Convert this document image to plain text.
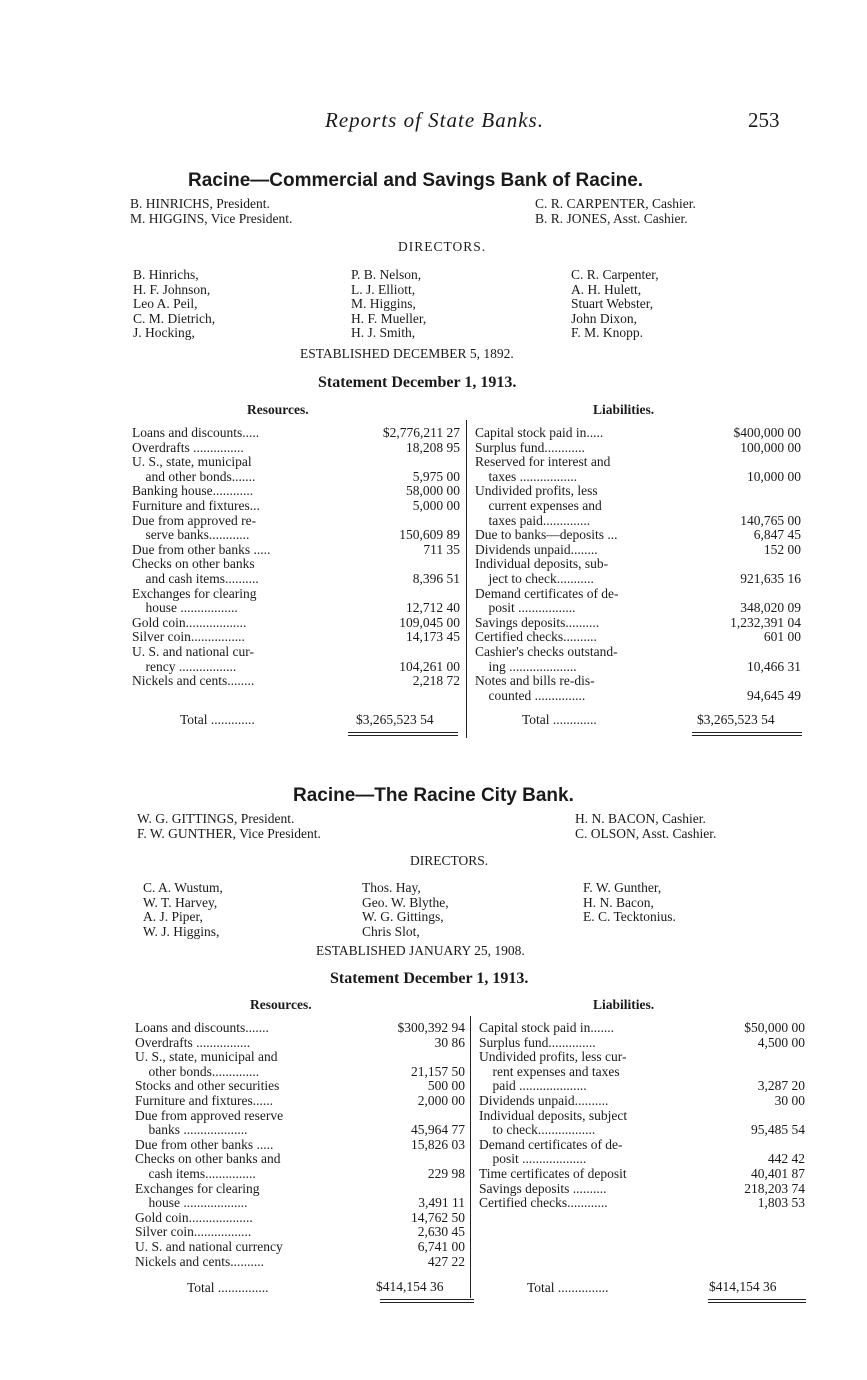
Reports of State Banks.	253
Racine—Commercial and Savings Bank of Racine.
B. HINRICHS, President.
M. HIGGINS, Vice President.
C. R. CARPENTER, Cashier.
B. R. JONES, Asst. Cashier.
DIRECTORS.
B. Hinrichs,
H. F. Johnson,
Leo A. Peil,
C. M. Dietrich,
J. Hocking,
P. B. Nelson,
L. J. Elliott,
M. Higgins,
H. F. Mueller,
H. J. Smith,
C. R. Carpenter,
A. H. Hulett,
Stuart Webster,
John Dixon,
F. M. Knopp.
ESTABLISHED DECEMBER 5, 1892.
Statement December 1, 1913.
Resources.	Liabilities.
Loans and discounts.....	$2,776,211 27
Overdrafts ...............	18,208 95
U. S., state, municipal
and other bonds.......	5,975 00
Banking house............	58,000 00
Furniture and fixtures...	5,000 00
Due from approved re-
serve banks............	150,609 89
Due from other banks .....	711 35
Checks on other banks
and cash items..........	8,396 51
Exchanges for clearing
house .................	12,712 40
Gold coin..................	109,045 00
Silver coin................	14,173 45
U. S. and national cur-
rency .................	104,261 00
Nickels and cents........	2,218 72
Capital stock paid in.....	$400,000 00
Surplus fund............	100,000 00
Reserved for interest and
taxes .................	10,000 00
Undivided profits, less
current expenses and
taxes paid..............	140,765 00
Due to banks—deposits ...	6,847 45
Dividends unpaid........	152 00
Individual deposits, sub-
ject to check...........	921,635 16
Demand certificates of de-
posit .................	348,020 09
Savings deposits..........	1,232,391 04
Certified checks..........	601 00
Cashier's checks outstand-
ing ....................	10,466 31
Notes and bills re-dis-
counted ...............	94,645 49
Total .............	$3,265,523 54	Total .............	$3,265,523 54
Racine—The Racine City Bank.
W. G. GITTINGS, President.
F. W. GUNTHER, Vice President.
H. N. BACON, Cashier.
C. OLSON, Asst. Cashier.
DIRECTORS.
C. A. Wustum,
W. T. Harvey,
A. J. Piper,
W. J. Higgins,
Thos. Hay,
Geo. W. Blythe,
W. G. Gittings,
Chris Slot,
F. W. Gunther,
H. N. Bacon,
E. C. Tecktonius.
ESTABLISHED JANUARY 25, 1908.
Statement December 1, 1913.
Resources.	Liabilities.
Loans and discounts.......	$300,392 94
Overdrafts ................	30 86
U. S., state, municipal and
other bonds..............	21,157 50
Stocks and other securities	500 00
Furniture and fixtures......	2,000 00
Due from approved reserve
banks ...................	45,964 77
Due from other banks .....	15,826 03
Checks on other banks and
cash items...............	229 98
Exchanges for clearing
house ...................	3,491 11
Gold coin...................	14,762 50
Silver coin.................	2,630 45
U. S. and national currency	6,741 00
Nickels and cents..........	427 22
Capital stock paid in.......	$50,000 00
Surplus fund..............	4,500 00
Undivided profits, less cur-
rent expenses and taxes
paid ....................	3,287 20
Dividends unpaid..........	30 00
Individual deposits, subject
to check.................	95,485 54
Demand certificates of de-
posit ...................	442 42
Time certificates of deposit	40,401 87
Savings deposits ..........	218,203 74
Certified checks............	1,803 53
Total ...............	$414,154 36	Total ...............	$414,154 36
